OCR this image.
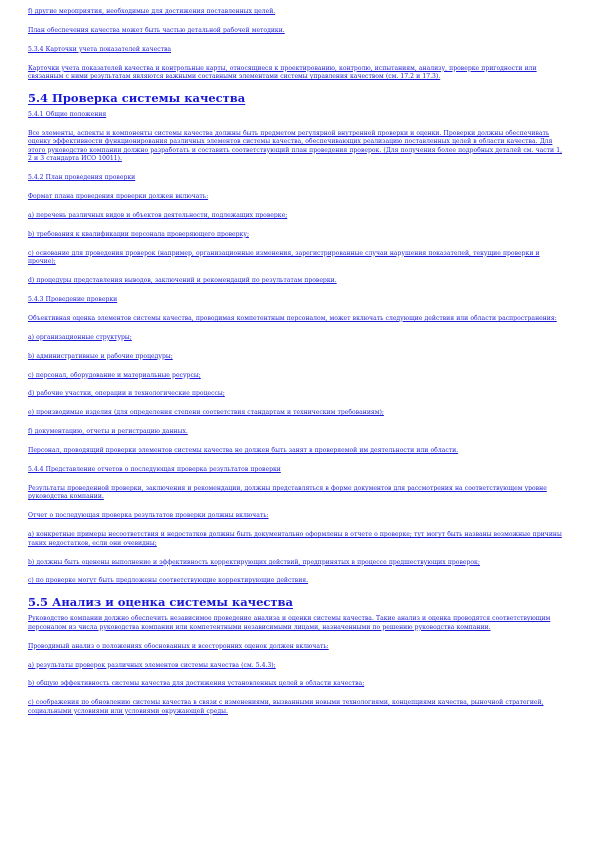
f) другие мероприятия, необходимые для достижения поставленных целей.

План обеспечения качества может быть частью детальной рабочей методики.

5.3.4 Карточки учета показателей качества

Карточки учета показателей качества и контрольные карты, относящиеся к проектированию, контролю, испытаниям, анализу, проверке пригодности или связанным с ними результатам являются важными составными элементами системы управления качеством (см. 17.2 и 17.3).

5.4 Проверка системы качества

5.4.1 Общие положения

Все элементы, аспекты и компоненты системы качества должны быть предметом регулярной внутренней проверки и оценки. Проверки должны обеспечивать оценку эффективности функционирования различных элементов системы качества, обеспечивающих реализацию поставленных целей в области качества. Для этого руководство компании должно разработать и составить соответствующий план проведения проверок. (Для получения более подробных деталей см. части 1, 2 и 3 стандарта ИСО 10011).

5.4.2 План проведения проверки

Формат плана проведения проверки должен включать:

a) перечень различных видов и объектов деятельности, подлежащих проверке;

b) требования к квалификации персонала проверяющего проверку;

c) основание для проведения проверок (например, организационные изменения, зарегистрированные случаи нарушения показателей, текущие проверки и прочие);

d) процедуры представления выводов, заключений и рекомендаций по результатам проверки.

5.4.3 Проведение проверки

Объективная оценка элементов системы качества, проводимая компетентным персоналом, может включать следующие действия или области распространения:

a) организационные структуры;

b) административные и рабочие процедуры;

c) персонал, оборудование и материальные ресурсы;

d) рабочие участки, операции и технологические процессы;

e) производимые изделия (для определения степени соответствия стандартам и техническим требованиям);

f) документацию, отчеты и регистрацию данных.

Персонал, проводящий проверки элементов системы качества не должен быть занят в проверяемой им деятельности или области.

5.4.4 Представление отчетов о последующая проверка результатов проверки

Результаты проведенной проверки, заключения и рекомендации, должны представляться в форме документов для рассмотрения на соответствующем уровне руководства компании.

Отчет о последующая проверка результатов проверки должны включать:

a) конкретные примеры несоответствия и недостатков должны быть документально оформлены в отчете о проверке; тут могут быть названы возможные причины таких недостатков, если они очевидны;

b) должны быть оценены выполнение и эффективность корректирующих действий, предпринятых в процессе предшествующих проверок;

c) по проверке могут быть предложены соответствующие корректирующие действия.

5.5 Анализ и оценка системы качества

Руководство компании должно обеспечить независимое проведение анализа и оценки системы качества. Такие анализ и оценка проводятся соответствующим персоналом из числа руководства компании или компетентными независимыми лицами, назначенными по решению руководства компании.

Проводимый анализ о положениях обоснованных и всесторонних оценок должен включать:

a) результаты проверок различных элементов системы качества (см. 5.4.3);

b) общую эффективность системы качества для достижения установленных целей в области качества;

c) соображения по обновлению системы качества в связи с изменениями, вызванными новыми технологиями, концепциями качества, рыночной стратегией, социальными условиями или условиями окружающей среды.
